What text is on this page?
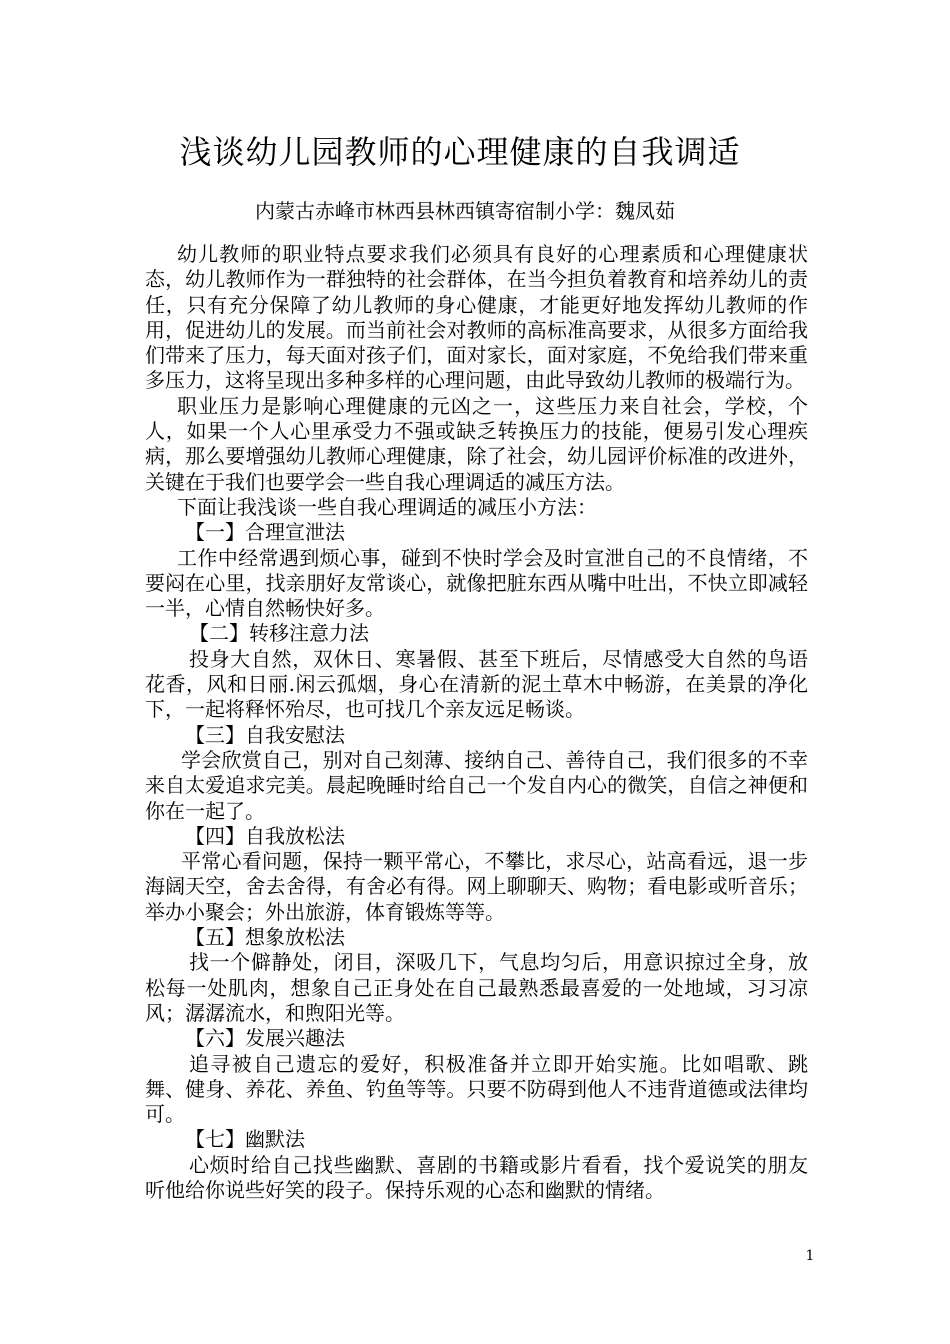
浅谈幼儿园教师的心理健康的自我调适
内蒙古赤峰市林西县林西镇寄宿制小学：魏凤茹

幼儿教师的职业特点要求我们必须具有良好的心理素质和心理健康状态，幼儿教师作为一群独特的社会群体，在当今担负着教育和培养幼儿的责任，只有充分保障了幼儿教师的身心健康，才能更好地发挥幼儿教师的作用，促进幼儿的发展。而当前社会对教师的高标准高要求，从很多方面给我们带来了压力，每天面对孩子们，面对家长，面对家庭，不免给我们带来重多压力，这将呈现出多种多样的心理问题，由此导致幼儿教师的极端行为。

职业压力是影响心理健康的元凶之一，这些压力来自社会，学校，个人，如果一个人心里承受力不强或缺乏转换压力的技能，便易引发心理疾病，那么要增强幼儿教师心理健康，除了社会，幼儿园评价标准的改进外，关键在于我们也要学会一些自我心理调适的减压方法。

下面让我浅谈一些自我心理调适的减压小方法：

【一】合理宣泄法

工作中经常遇到烦心事，碰到不快时学会及时宣泄自己的不良情绪，不要闷在心里，找亲朋好友常谈心，就像把脏东西从嘴中吐出，不快立即减轻一半，心情自然畅快好多。

【二】转移注意力法

投身大自然，双休日、寒暑假、甚至下班后，尽情感受大自然的鸟语花香，风和日丽.闲云孤烟，身心在清新的泥土草木中畅游，在美景的净化下，一起将释怀殆尽，也可找几个亲友远足畅谈。

【三】自我安慰法

学会欣赏自己，别对自己刻薄、接纳自己、善待自己，我们很多的不幸来自太爱追求完美。晨起晚睡时给自己一个发自内心的微笑，自信之神便和你在一起了。

【四】自我放松法

平常心看问题，保持一颗平常心，不攀比，求尽心，站高看远，退一步海阔天空，舍去舍得，有舍必有得。网上聊聊天、购物；看电影或听音乐；举办小聚会；外出旅游，体育锻炼等等。

【五】想象放松法

找一个僻静处，闭目，深吸几下，气息均匀后，用意识掠过全身，放松每一处肌肉，想象自己正身处在自己最熟悉最喜爱的一处地域，习习凉风；潺潺流水，和煦阳光等。

【六】发展兴趣法

追寻被自己遗忘的爱好，积极准备并立即开始实施。比如唱歌、跳舞、健身、养花、养鱼、钓鱼等等。只要不防碍到他人不违背道德或法律均可。

【七】幽默法

心烦时给自己找些幽默、喜剧的书籍或影片看看，找个爱说笑的朋友听他给你说些好笑的段子。保持乐观的心态和幽默的情绪。

1
